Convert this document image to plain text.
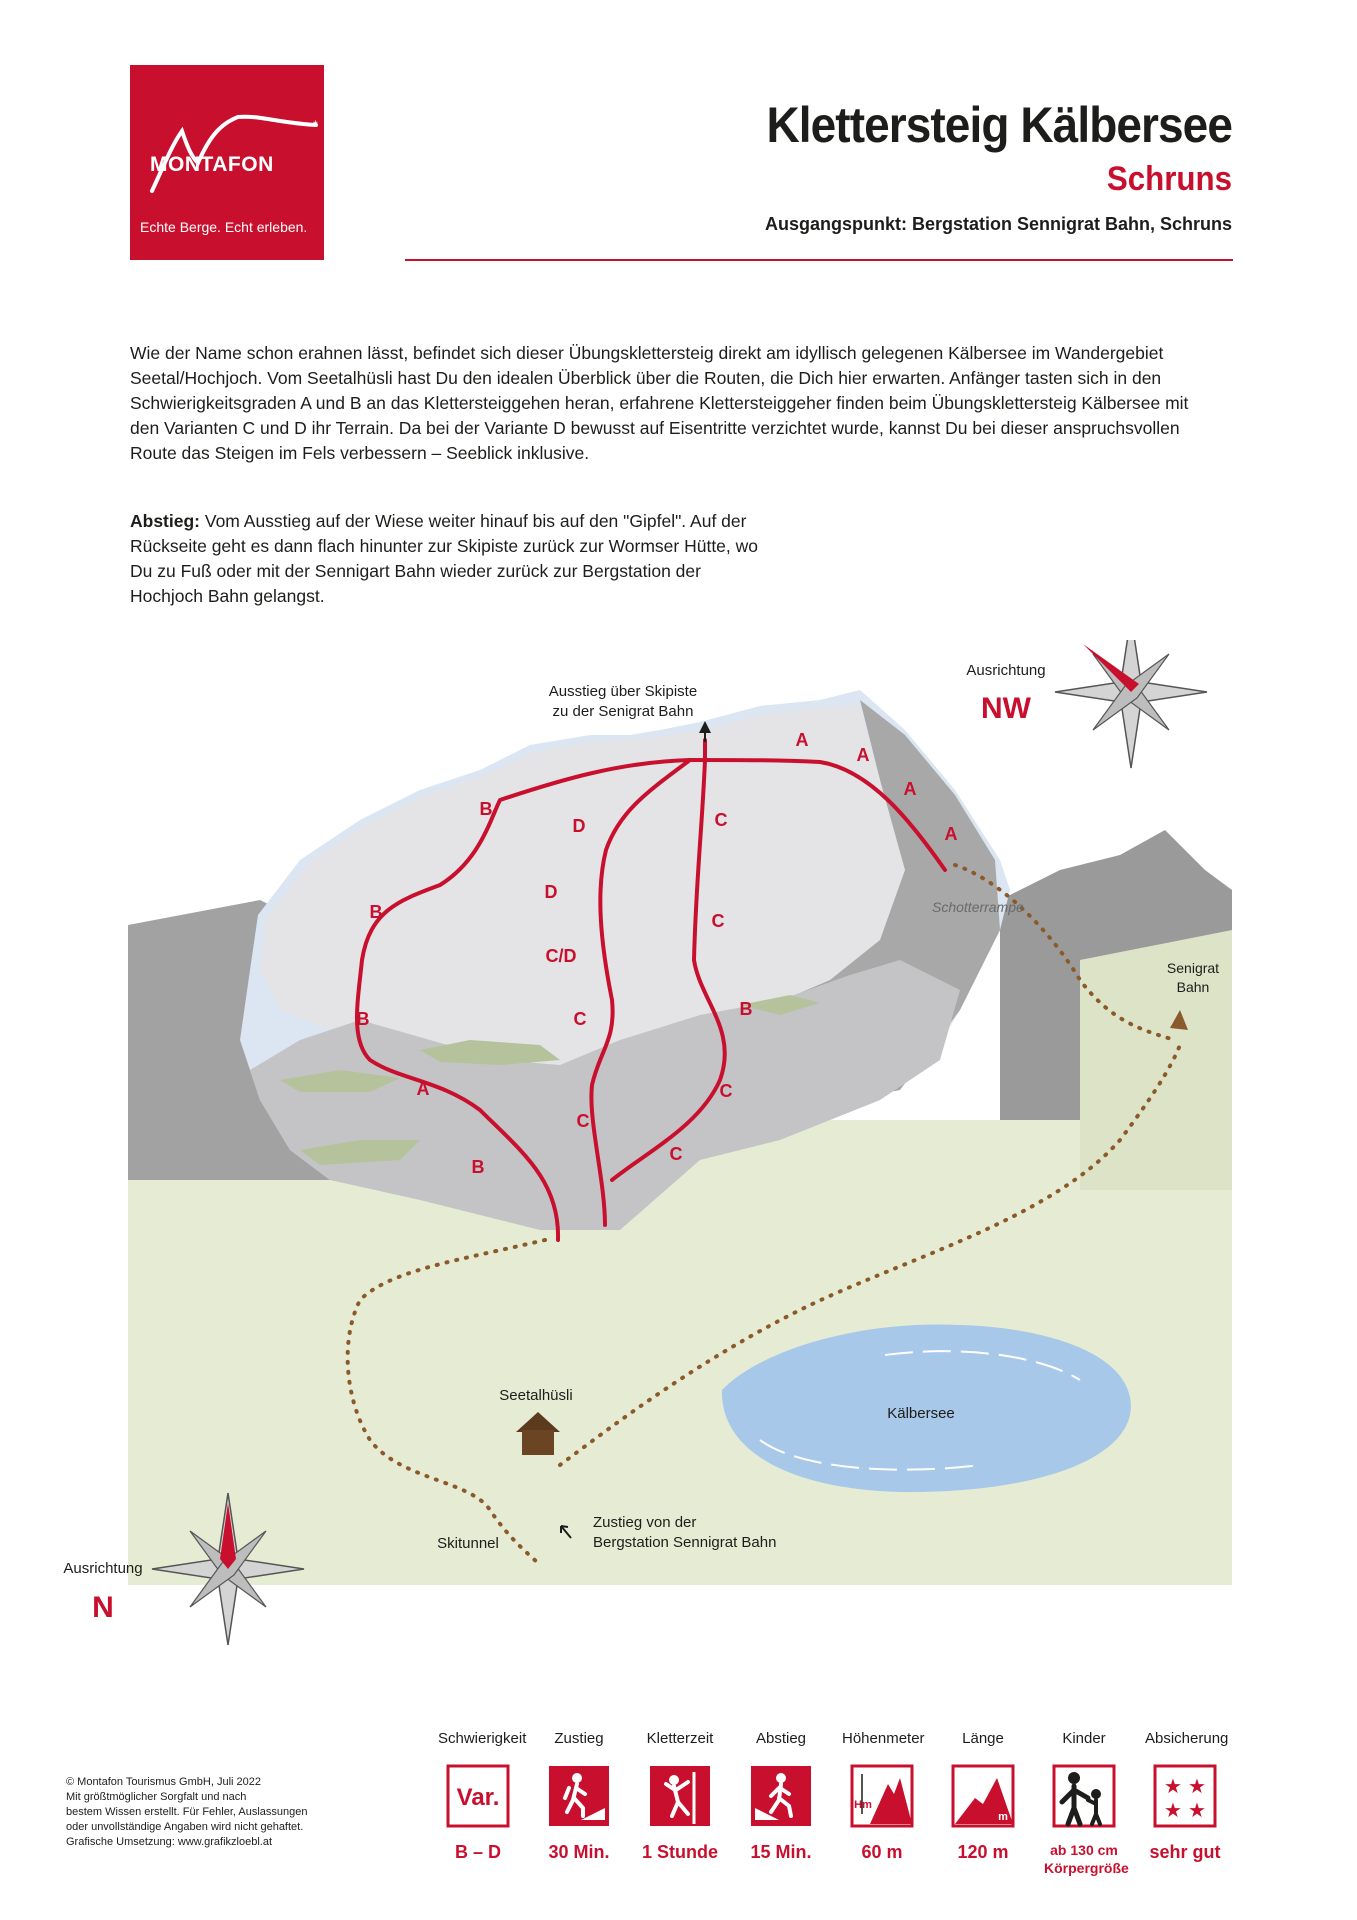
*
MONTAFON
Echte Berge. Echt erleben.
Klettersteig Kälbersee
Schruns
Ausgangspunkt: Bergstation Sennigrat Bahn, Schruns

Wie der Name schon erahnen lässt, befindet sich dieser Übungsklettersteig direkt am idyllisch gelegenen Kälbersee im Wandergebiet Seetal/Hochjoch. Vom Seetalhüsli hast Du den idealen Überblick über die Routen, die Dich hier erwarten. Anfänger tasten sich in den Schwierigkeitsgraden A und B an das Klettersteiggehen heran, erfahrene Klettersteiggeher finden beim Übungsklettersteig Kälbersee mit den Varianten C und D ihr Terrain. Da bei der Variante D bewusst auf Eisentritte verzichtet wurde, kannst Du bei dieser anspruchsvollen Route das Steigen im Fels verbessern – Seeblick inklusive.

Abstieg: Vom Ausstieg auf der Wiese weiter hinauf bis auf den "Gipfel". Auf der Rückseite geht es dann flach hinunter zur Skipiste zurück zur Wormser Hütte, wo Du zu Fuß oder mit der Sennigart Bahn wieder zurück zur Bergstation der Hochjoch Bahn gelangst.

B
B
B
A
B
D
D
C/D
C
C
C
C
B
C
C
A
A
A
A
Ausstieg über Skipiste
zu der Senigrat Bahn
Schotterrampe
Senigrat
Bahn
Kälbersee
Seetalhüsli
Skitunnel
Zustieg von der
Bergstation Sennigrat Bahn
Ausrichtung
NW
Ausrichtung
N
Schwierigkeit
Var.
B – D
Zustieg
30 Min.
Kletterzeit
1 Stunde
Abstieg
15 Min.
Höhenmeter
Hm
60 m
Länge
m
120 m
Kinder
ab 130 cm
Körpergröße
Absicherung
★ ★
★ ★
sehr gut
© Montafon Tourismus GmbH, Juli 2022
Mit größtmöglicher Sorgfalt und nach
bestem Wissen erstellt. Für Fehler, Auslassungen
oder unvollständige Angaben wird nicht gehaftet.
Grafische Umsetzung: www.grafikzloebl.at
